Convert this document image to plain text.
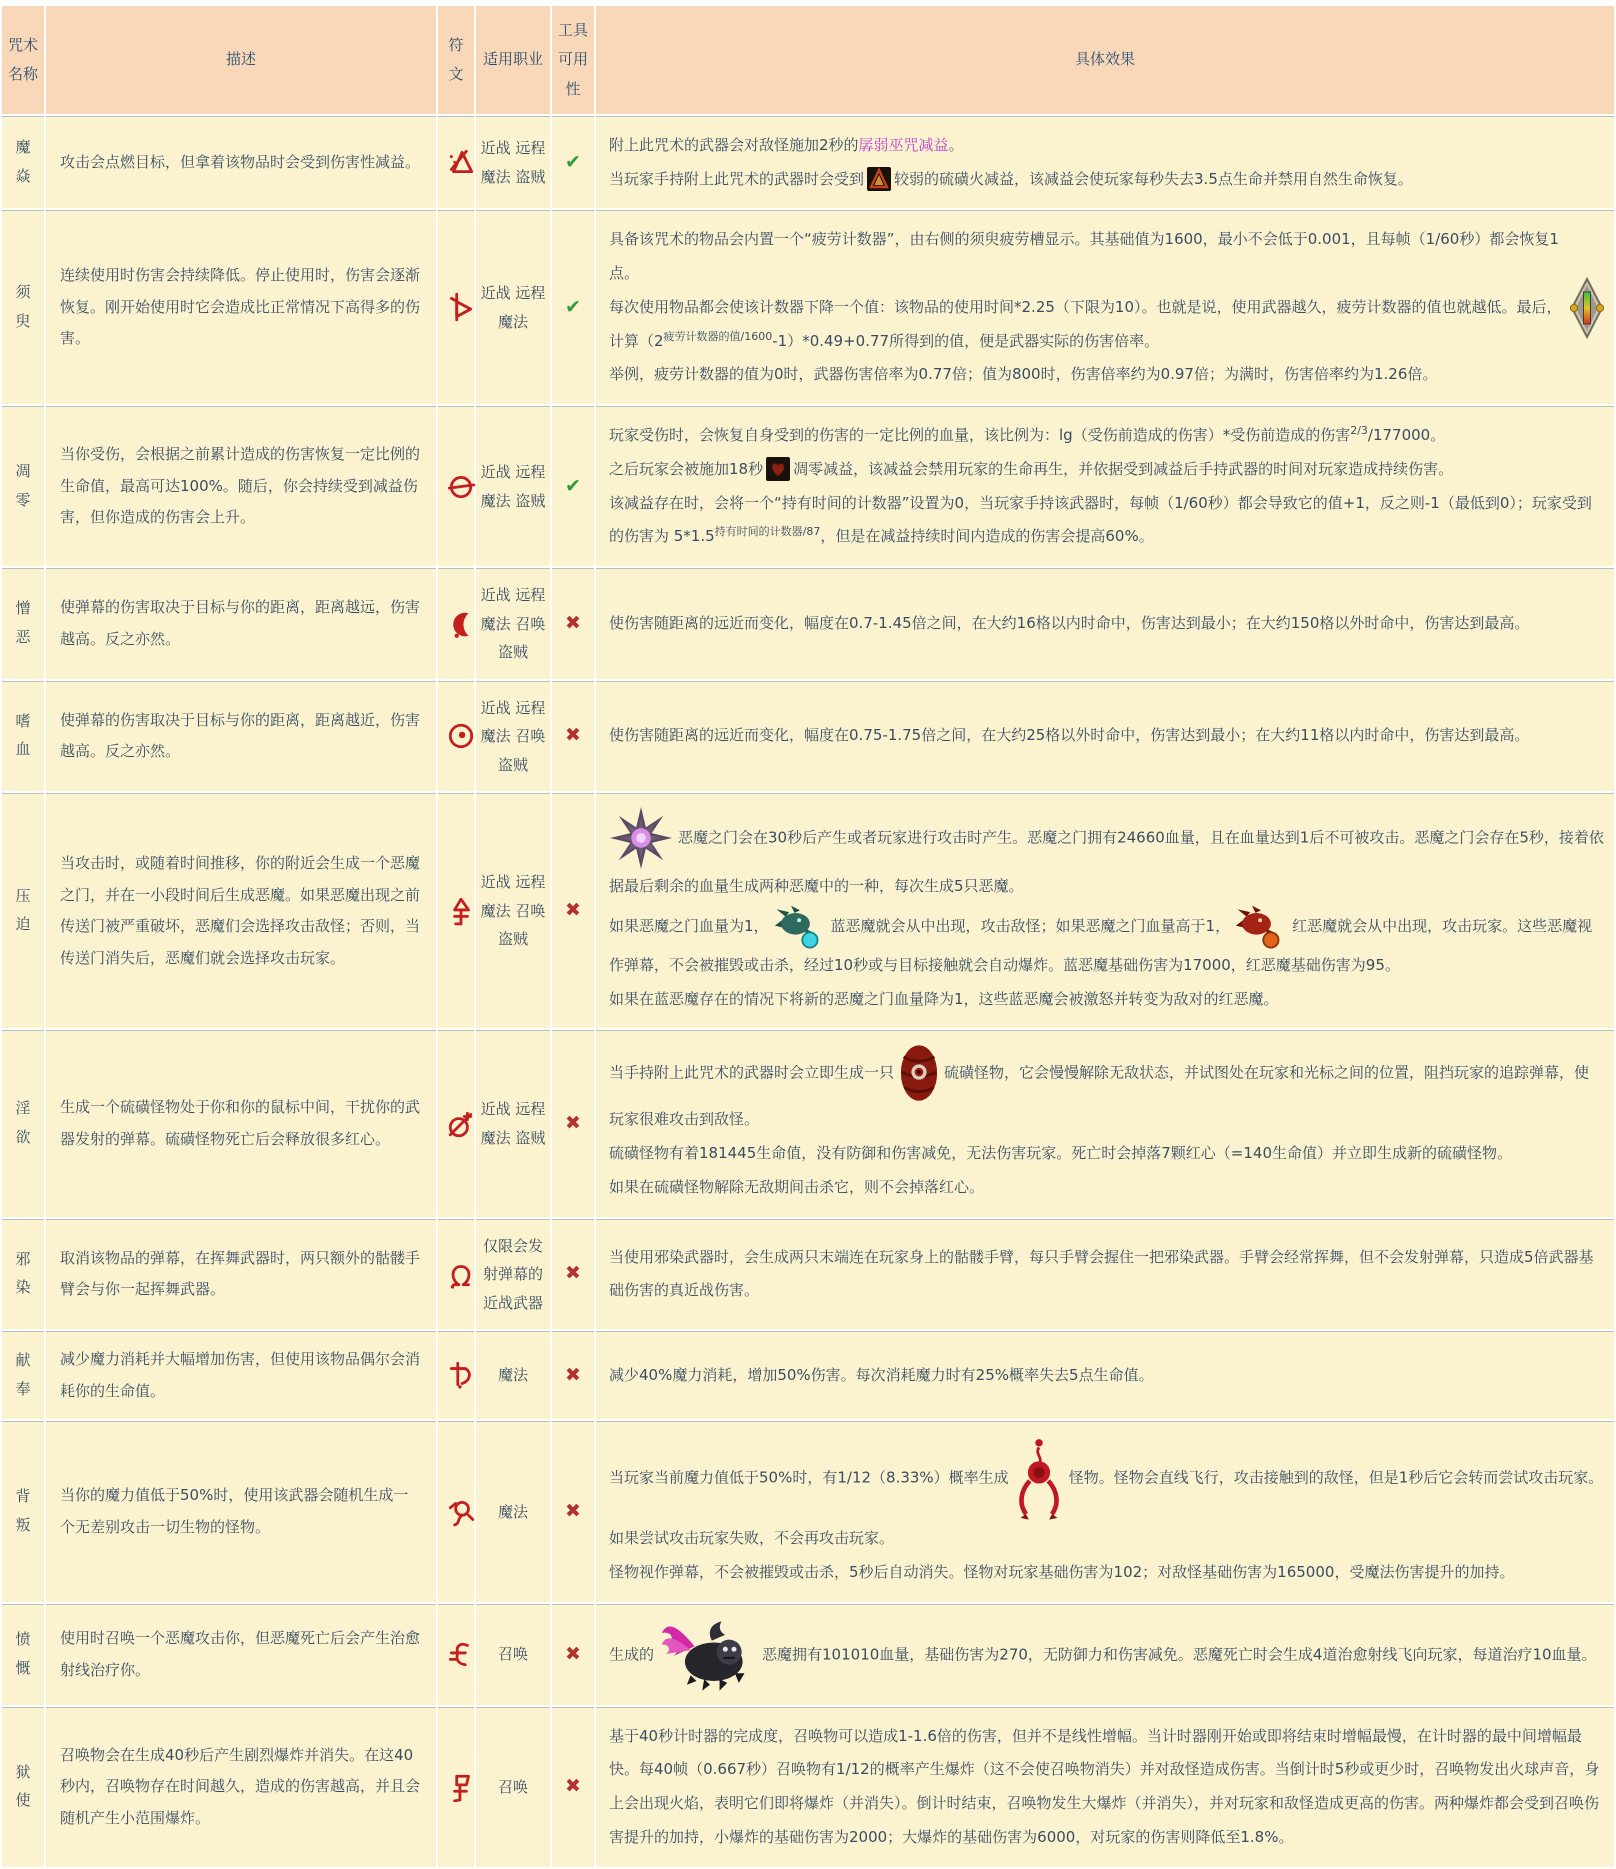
咒术名称	描述	符文	适用职业	工具可用性	具体效果
魔焱	攻击会点燃目标，但拿着该物品时会受到伤害性减益。		近战 远程 魔法 盗贼	✔	附上此咒术的武器会对敌怪施加2秒的孱弱巫咒减益。
当玩家手持附上此咒术的武器时会受到 较弱的硫磺火减益，该减益会使玩家每秒失去3.5点生命并禁用自然生命恢复。
须臾	连续使用时伤害会持续降低。停止使用时，伤害会逐渐恢复。刚开始使用时它会造成比正常情况下高得多的伤害。		近战 远程 魔法	✔	具备该咒术的物品会内置一个“疲劳计数器”，由右侧的须臾疲劳槽显示。其基础值为1600，最小不会低于0.001，且每帧（1/60秒）都会恢复1点。
每次使用物品都会使该计数器下降一个值：该物品的使用时间*2.25（下限为10）。也就是说，使用武器越久，疲劳计数器的值也就越低。最后，计算$(2^{疲劳计数器的值/1600}-1)*0.49+0.77$所得到的值，便是武器实际的伤害倍率。
举例，疲劳计数器的值为0时，武器伤害倍率为0.77倍；值为800时，伤害倍率约为0.97倍；为满时，伤害倍率约为1.26倍。

凋零	当你受伤，会根据之前累计造成的伤害恢复一定比例的生命值，最高可达100%。随后，你会持续受到减益伤害，但你造成的伤害会上升。		近战 远程 魔法 盗贼	✔	玩家受伤时，会恢复自身受到的伤害的一定比例的血量，该比例为：lg（受伤前造成的伤害）*受伤前造成的伤害$^{2/3}$/177000。
之后玩家会被施加18秒 凋零减益，该减益会禁用玩家的生命再生，并依据受到减益后手持武器的时间对玩家造成持续伤害。
该减益存在时，会将一个“持有时间的计数器”设置为0，当玩家手持该武器时，每帧（1/60秒）都会导致它的值+1，反之则-1（最低到0）；玩家受到的伤害为 $5*1.5^{持有时间的计数器/87}$，但是在减益持续时间内造成的伤害会提高60%。
憎恶	使弹幕的伤害取决于目标与你的距离，距离越远，伤害越高。反之亦然。		近战 远程 魔法 召唤 盗贼	✖	使伤害随距离的远近而变化，幅度在0.7-1.45倍之间，在大约16格以内时命中，伤害达到最小；在大约150格以外时命中，伤害达到最高。
嗜血	使弹幕的伤害取决于目标与你的距离，距离越近，伤害越高。反之亦然。		近战 远程 魔法 召唤 盗贼	✖	使伤害随距离的远近而变化，幅度在0.75-1.75倍之间，在大约25格以外时命中，伤害达到最小；在大约11格以内时命中，伤害达到最高。
压迫	当攻击时，或随着时间推移，你的附近会生成一个恶魔之门，并在一小段时间后生成恶魔。如果恶魔出现之前传送门被严重破坏，恶魔们会选择攻击敌怪；否则，当传送门消失后，恶魔们就会选择攻击玩家。		近战 远程 魔法 召唤 盗贼	✖	恶魔之门会在30秒后产生或者玩家进行攻击时产生。恶魔之门拥有24660血量，且在血量达到1后不可被攻击。恶魔之门会存在5秒，接着依据最后剩余的血量生成两种恶魔中的一种，每次生成5只恶魔。
如果恶魔之门血量为1， 蓝恶魔就会从中出现，攻击敌怪；如果恶魔之门血量高于1， 红恶魔就会从中出现，攻击玩家。这些恶魔视作弹幕，不会被摧毁或击杀，经过10秒或与目标接触就会自动爆炸。蓝恶魔基础伤害为17000，红恶魔基础伤害为95。
如果在蓝恶魔存在的情况下将新的恶魔之门血量降为1，这些蓝恶魔会被激怒并转变为敌对的红恶魔。
淫欲	生成一个硫磺怪物处于你和你的鼠标中间，干扰你的武器发射的弹幕。硫磺怪物死亡后会释放很多红心。		近战 远程 魔法 盗贼	✖	当手持附上此咒术的武器时会立即生成一只 硫磺怪物，它会慢慢解除无敌状态，并试图处在玩家和光标之间的位置，阻挡玩家的追踪弹幕，使玩家很难攻击到敌怪。
硫磺怪物有着181445生命值，没有防御和伤害减免，无法伤害玩家。死亡时会掉落7颗红心（=140生命值）并立即生成新的硫磺怪物。
如果在硫磺怪物解除无敌期间击杀它，则不会掉落红心。
邪染	取消该物品的弹幕，在挥舞武器时，两只额外的骷髅手臂会与你一起挥舞武器。		仅限会发射弹幕的近战武器	✖	当使用邪染武器时，会生成两只末端连在玩家身上的骷髅手臂，每只手臂会握住一把邪染武器。手臂会经常挥舞，但不会发射弹幕，只造成5倍武器基础伤害的真近战伤害。
献奉	减少魔力消耗并大幅增加伤害，但使用该物品偶尔会消耗你的生命值。		魔法	✖	减少40%魔力消耗，增加50%伤害。每次消耗魔力时有25%概率失去5点生命值。
背叛	当你的魔力值低于50%时，使用该武器会随机生成一个无差别攻击一切生物的怪物。		魔法	✖	当玩家当前魔力值低于50%时，有1/12（8.33%）概率生成 怪物。怪物会直线飞行，攻击接触到的敌怪，但是1秒后它会转而尝试攻击玩家。如果尝试攻击玩家失败，不会再攻击玩家。
怪物视作弹幕，不会被摧毁或击杀，5秒后自动消失。怪物对玩家基础伤害为102；对敌怪基础伤害为165000，受魔法伤害提升的加持。
愤慨	使用时召唤一个恶魔攻击你，但恶魔死亡后会产生治愈射线治疗你。		召唤	✖	生成的 恶魔拥有101010血量，基础伤害为270，无防御力和伤害减免。恶魔死亡时会生成4道治愈射线飞向玩家，每道治疗10血量。
狱使	召唤物会在生成40秒后产生剧烈爆炸并消失。在这40秒内，召唤物存在时间越久，造成的伤害越高，并且会随机产生小范围爆炸。		召唤	✖	基于40秒计时器的完成度，召唤物可以造成1-1.6倍的伤害，但并不是线性增幅。当计时器刚开始或即将结束时增幅最慢，在计时器的最中间增幅最快。每40帧（0.667秒）召唤物有1/12的概率产生爆炸（这不会使召唤物消失）并对敌怪造成伤害。当倒计时5秒或更少时，召唤物发出火球声音，身上会出现火焰，表明它们即将爆炸（并消失）。倒计时结束，召唤物发生大爆炸（并消失），并对玩家和敌怪造成更高的伤害。两种爆炸都会受到召唤伤害提升的加持，小爆炸的基础伤害为2000；大爆炸的基础伤害为6000，对玩家的伤害则降低至1.8%。
